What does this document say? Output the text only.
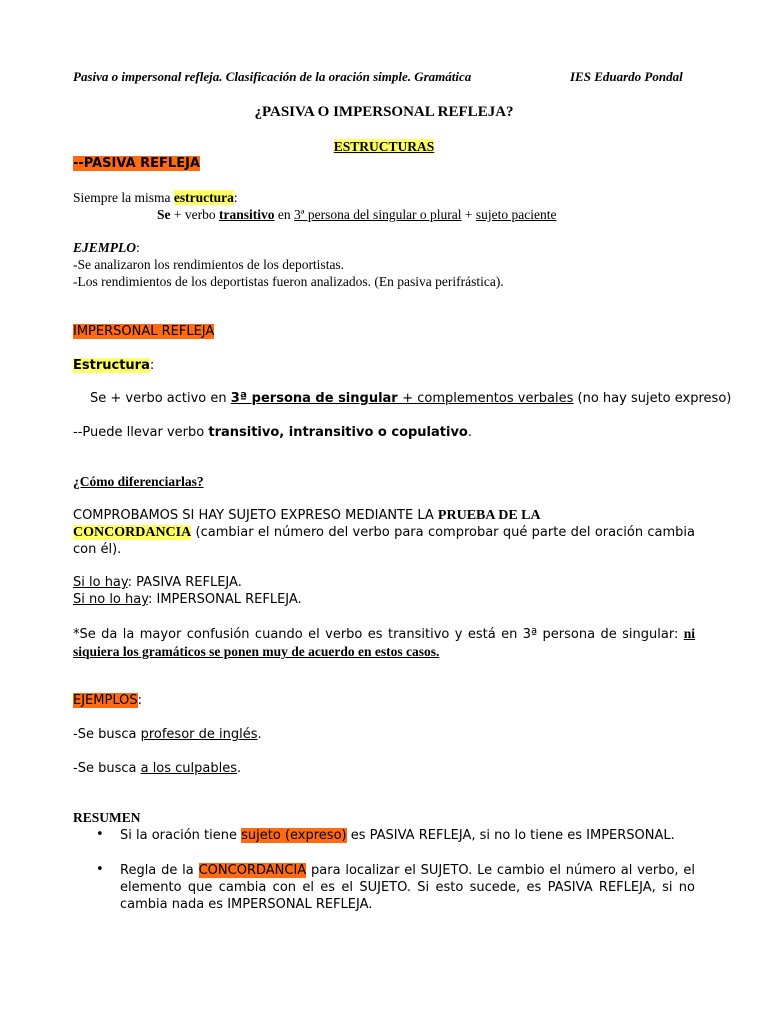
Pasiva o impersonal refleja. Clasificación de la oración simple. Gramática	IES Eduardo Pondal
¿PASIVA O IMPERSONAL REFLEJA?
ESTRUCTURAS
--PASIVA REFLEJA
Siempre la misma estructura:
Se + verbo transitivo en 3ª persona del singular o plural + sujeto paciente
EJEMPLO:
-Se analizaron los rendimientos de los deportistas.
-Los rendimientos de los deportistas fueron analizados. (En pasiva perifrástica).
IMPERSONAL REFLEJA
Estructura:
Se + verbo activo en 3ª persona de singular + complementos verbales (no hay sujeto expreso)
--Puede llevar verbo transitivo, intransitivo o copulativo.
¿Cómo diferenciarlas?
COMPROBAMOS SI HAY SUJETO EXPRESO MEDIANTE LA PRUEBA DE LA
CONCORDANCIA (cambiar el número del verbo para comprobar qué parte del oración cambia con él).
Si lo hay: PASIVA REFLEJA.
Si no lo hay: IMPERSONAL REFLEJA.
*Se da la mayor confusión cuando el verbo es transitivo y está en 3ª persona de singular: ni siquiera los gramáticos se ponen muy de acuerdo en estos casos.
EJEMPLOS:
-Se busca profesor de inglés.
-Se busca a los culpables.
RESUMEN
• Si la oración tiene sujeto (expreso) es PASIVA REFLEJA, si no lo tiene es IMPERSONAL.
• Regla de la CONCORDANCIA para localizar el SUJETO. Le cambio el número al verbo, el elemento que cambia con el es el SUJETO. Si esto sucede, es PASIVA REFLEJA, si no cambia nada es IMPERSONAL REFLEJA.
